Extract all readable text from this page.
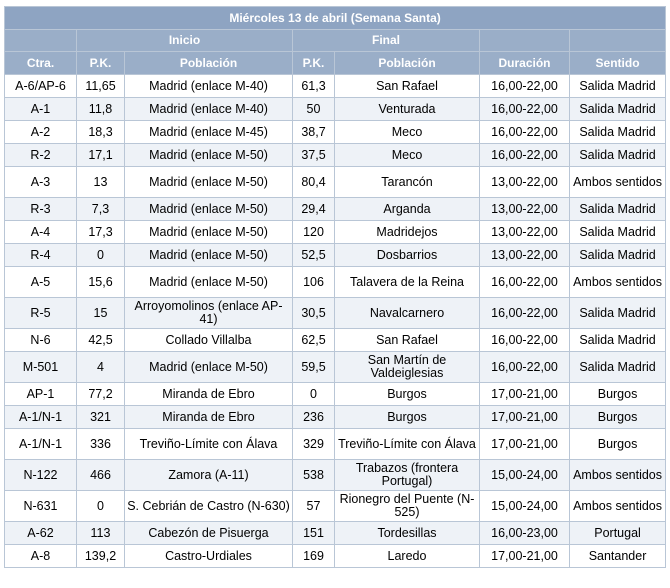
Miércoles 13 de abril (Semana Santa)						
	Inicio		Final			
Ctra.	P.K.	Población	P.K.	Población	Duración	Sentido
A-6/AP-6	11,65	Madrid (enlace M-40)	61,3	San Rafael	16,00-22,00	Salida Madrid
A-1	11,8	Madrid (enlace M-40)	50	Venturada	16,00-22,00	Salida Madrid
A-2	18,3	Madrid (enlace M-45)	38,7	Meco	16,00-22,00	Salida Madrid
R-2	17,1	Madrid (enlace M-50)	37,5	Meco	16,00-22,00	Salida Madrid
A-3	13	Madrid (enlace M-50)	80,4	Tarancón	13,00-22,00	Ambos sentidos
R-3	7,3	Madrid (enlace M-50)	29,4	Arganda	13,00-22,00	Salida Madrid
A-4	17,3	Madrid (enlace M-50)	120	Madridejos	13,00-22,00	Salida Madrid
R-4	0	Madrid (enlace M-50)	52,5	Dosbarrios	13,00-22,00	Salida Madrid
A-5	15,6	Madrid (enlace M-50)	106	Talavera de la Reina	16,00-22,00	Ambos sentidos
R-5	15	Arroyomolinos (enlace AP-41)	30,5	Navalcarnero	16,00-22,00	Salida Madrid
N-6	42,5	Collado Villalba	62,5	San Rafael	16,00-22,00	Salida Madrid
M-501	4	Madrid (enlace M-50)	59,5	San Martín de Valdeiglesias	16,00-22,00	Salida Madrid
AP-1	77,2	Miranda de Ebro	0	Burgos	17,00-21,00	Burgos
A-1/N-1	321	Miranda de Ebro	236	Burgos	17,00-21,00	Burgos
A-1/N-1	336	Treviño-Límite con Álava	329	Treviño-Límite con Álava	17,00-21,00	Burgos
N-122	466	Zamora (A-11)	538	Trabazos (frontera Portugal)	15,00-24,00	Ambos sentidos
N-631	0	S. Cebrián de Castro (N-630)	57	Rionegro del Puente (N-525)	15,00-24,00	Ambos sentidos
A-62	113	Cabezón de Pisuerga	151	Tordesillas	16,00-23,00	Portugal
A-8	139,2	Castro-Urdiales	169	Laredo	17,00-21,00	Santander
